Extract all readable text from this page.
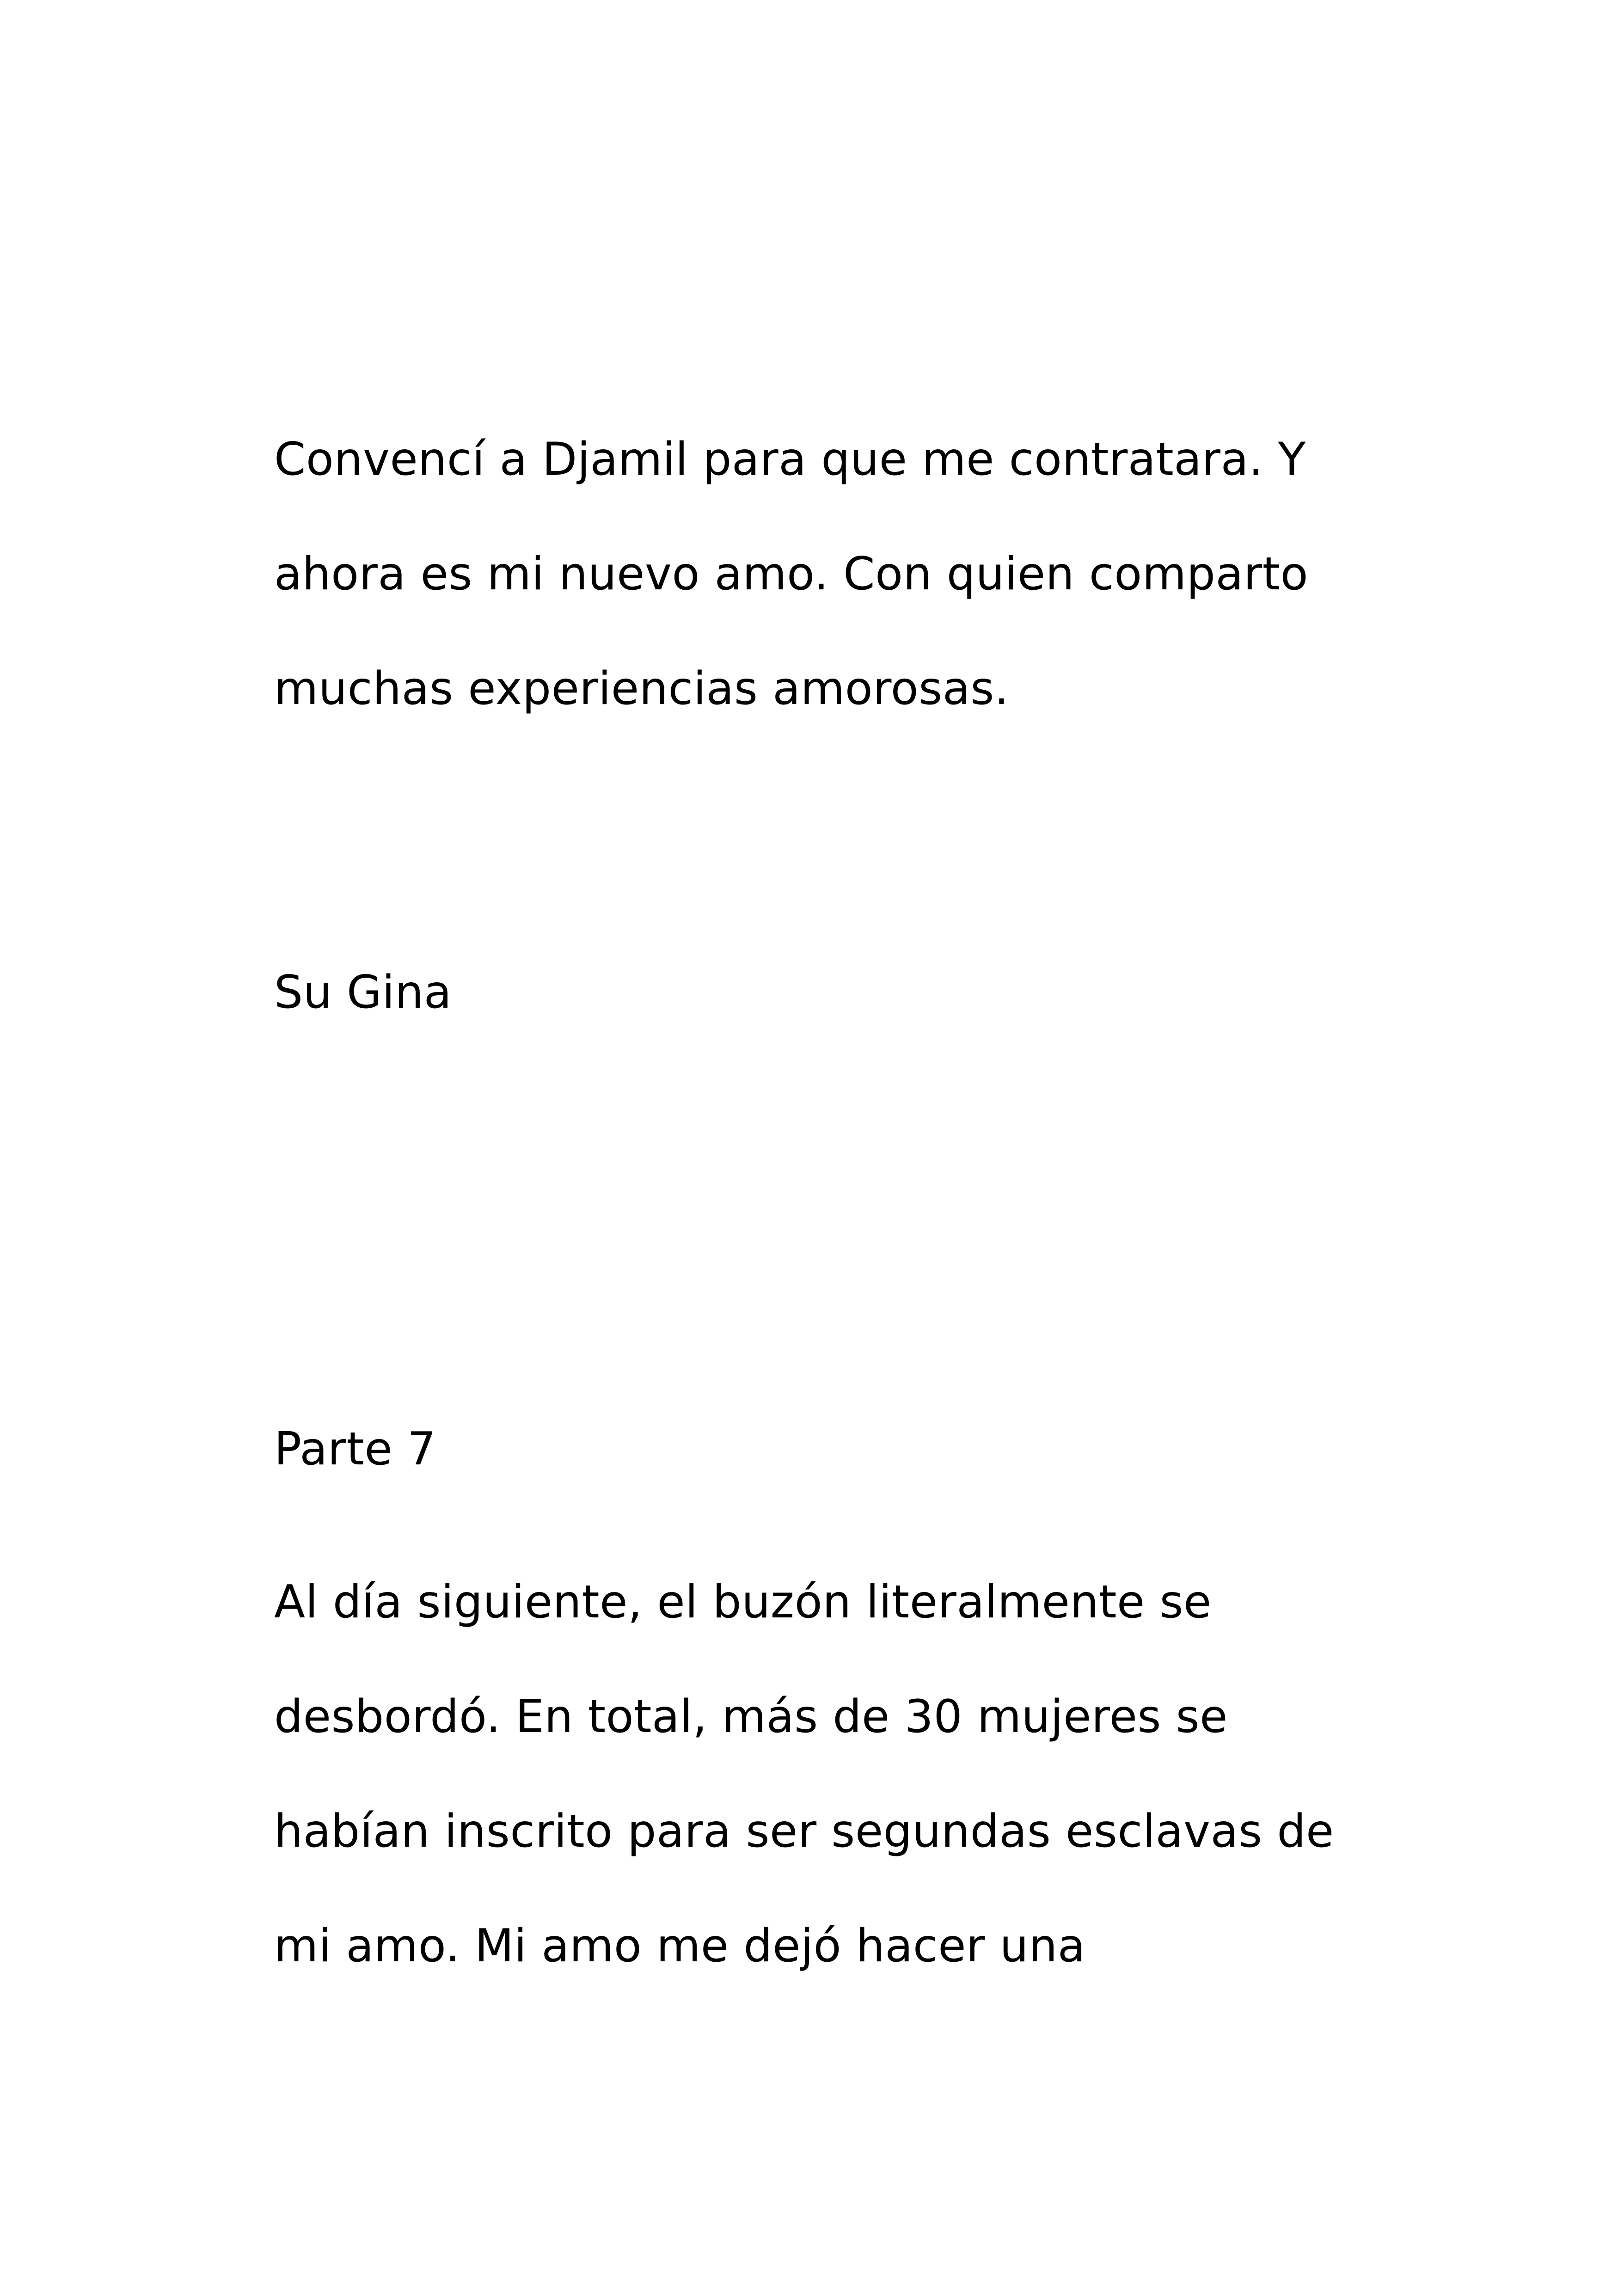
Convencí a Djamil para que me contratara. Y
ahora es mi nuevo amo. Con quien comparto
muchas experiencias amorosas.
Su Gina
Parte 7
Al día siguiente, el buzón literalmente se
desbordó. En total, más de 30 mujeres se
habían inscrito para ser segundas esclavas de
mi amo. Mi amo me dejó hacer una
